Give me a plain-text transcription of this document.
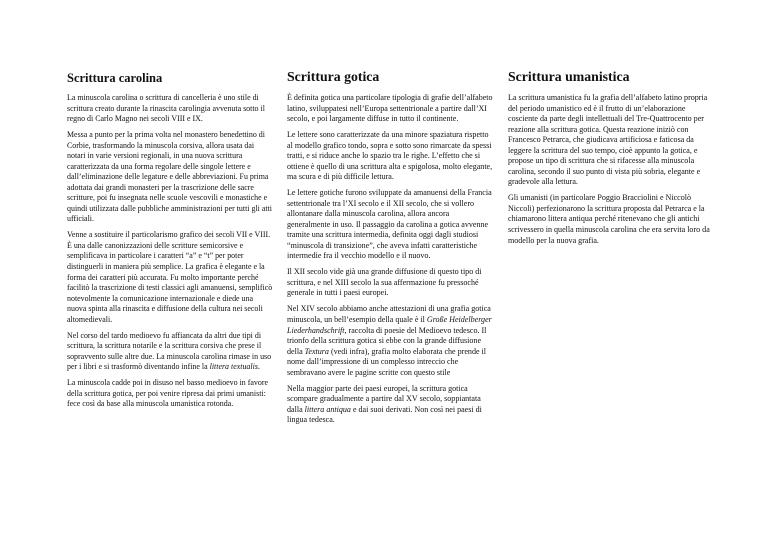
Scrittura carolina

La minuscola carolina o scrittura di cancelleria è uno stile di scrittura creato durante la rinascita carolingia avvenuta sotto il regno di Carlo Magno nei secoli VIII e IX.

Messa a punto per la prima volta nel monastero benedettino di Corbie, trasformando la minuscola corsiva, allora usata dai notari in varie versioni regionali, in una nuova scrittura caratterizzata da una forma regolare delle singole lettere e dall’eliminazione delle legature e delle abbreviazioni. Fu prima adottata dai grandi monasteri per la trascrizione delle sacre scritture, poi fu insegnata nelle scuole vescovili e monastiche e quindi utilizzata dalle pubbliche amministrazioni per tutti gli atti ufficiali.

Venne a sostituire il particolarismo grafico dei secoli VII e VIII. È una dalle canonizzazioni delle scritture semicorsive e semplificava in particolare i caratteri “a” e “t” per poter distinguerli in maniera più semplice. La grafica è elegante e la forma dei caratteri più accurata. Fu molto importante perché facilitò la trascrizione di testi classici agli amanuensi, semplificò notevolmente la comunicazione internazionale e diede una nuova spinta alla rinascita e diffusione della cultura nei secoli altomedievali.

Nel corso del tardo medioevo fu affiancata da altri due tipi di scrittura, la scrittura notarile e la scrittura corsiva che prese il sopravvento sulle altre due. La minuscola carolina rimase in uso per i libri e si trasformò diventando infine la littera textualis.

La minuscola cadde poi in disuso nel basso medioevo in favore della scrittura gotica, per poi venire ripresa dai primi umanisti: fece così da base alla minuscola umanistica rotonda.

Scrittura gotica

È definita gotica una particolare tipologia di grafie dell’alfabeto latino, sviluppatesi nell’Europa settentrionale a partire dall’XI secolo, e poi largamente diffuse in tutto il continente.

Le lettere sono caratterizzate da una minore spaziatura rispetto al modello grafico tondo, sopra e sotto sono rimarcate da spessi tratti, e si riduce anche lo spazio tra le righe. L’effetto che si ottiene è quello di una scrittura alta e spigolosa, molto elegante, ma scura e di più difficile lettura.

Le lettere gotiche furono sviluppate da amanuensi della Francia settentrionale tra l’XI secolo e il XII secolo, che si vollero allontanare dalla minuscola carolina, allora ancora generalmente in uso. Il passaggio da carolina a gotica avvenne tramite una scrittura intermedia, definita oggi dagli studiosi “minuscola di transizione”, che aveva infatti caratteristiche intermedie fra il vecchio modello e il nuovo.

Il XII secolo vide già una grande diffusione di questo tipo di scrittura, e nel XIII secolo la sua affermazione fu pressoché generale in tutti i paesi europei.

Nel XIV secolo abbiamo anche attestazioni di una grafia gotica minuscola, un bell’esempio della quale è il Große Heidelberger Liederhandschrift, raccolta di poesie del Medioevo tedesco. Il trionfo della scrittura gotica si ebbe con la grande diffusione della Textura (vedi infra), grafia molto elaborata che prende il nome dall’impressione di un complesso intreccio che sembravano avere le pagine scritte con questo stile

Nella maggior parte dei paesi europei, la scrittura gotica scompare gradualmente a partire dal XV secolo, soppiantata dalla littera antiqua e dai suoi derivati. Non così nei paesi di lingua tedesca.

Scrittura umanistica

La scrittura umanistica fu la grafia dell’alfabeto latino propria del periodo umanistico ed è il frutto di un’elaborazione cosciente da parte degli intellettuali del Tre-Quattrocento per reazione alla scrittura gotica. Questa reazione iniziò con Francesco Petrarca, che giudicava artificiosa e faticosa da leggere la scrittura del suo tempo, cioè appunto la gotica, e propose un tipo di scrittura che si rifacesse alla minuscola carolina, secondo il suo punto di vista più sobria, elegante e gradevole alla lettura.

Gli umanisti (in particolare Poggio Bracciolini e Niccolò Niccoli) perfezionarono la scrittura proposta dal Petrarca e la chiamarono littera antiqua perché ritenevano che gli antichi scrivessero in quella minuscola carolina che era servita loro da modello per la nuova grafia.
